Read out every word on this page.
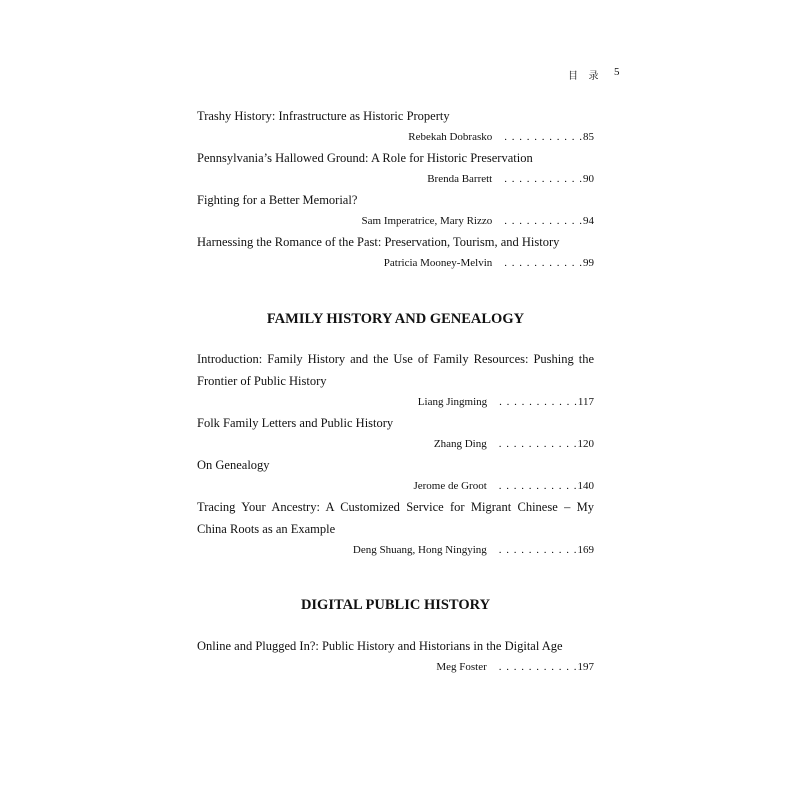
目 录 5
Trashy History: Infrastructure as Historic Property
Rebekah Dobrasko . . . . . . . . . . . 85
Pennsylvania’s Hallowed Ground: A Role for Historic Preservation
Brenda Barrett . . . . . . . . . . . 90
Fighting for a Better Memorial?
Sam Imperatrice, Mary Rizzo . . . . . . . . . . . 94
Harnessing the Romance of the Past: Preservation, Tourism, and History
Patricia Mooney-Melvin . . . . . . . . . . . 99
FAMILY HISTORY AND GENEALOGY
Introduction: Family History and the Use of Family Resources: Pushing the Frontier of Public History
Liang Jingming . . . . . . . . . . . 117
Folk Family Letters and Public History
Zhang Ding . . . . . . . . . . . 120
On Genealogy
Jerome de Groot . . . . . . . . . . . 140
Tracing Your Ancestry: A Customized Service for Migrant Chinese – My China Roots as an Example
Deng Shuang, Hong Ningying . . . . . . . . . . . 169
DIGITAL PUBLIC HISTORY
Online and Plugged In?: Public History and Historians in the Digital Age
Meg Foster . . . . . . . . . . . 197
